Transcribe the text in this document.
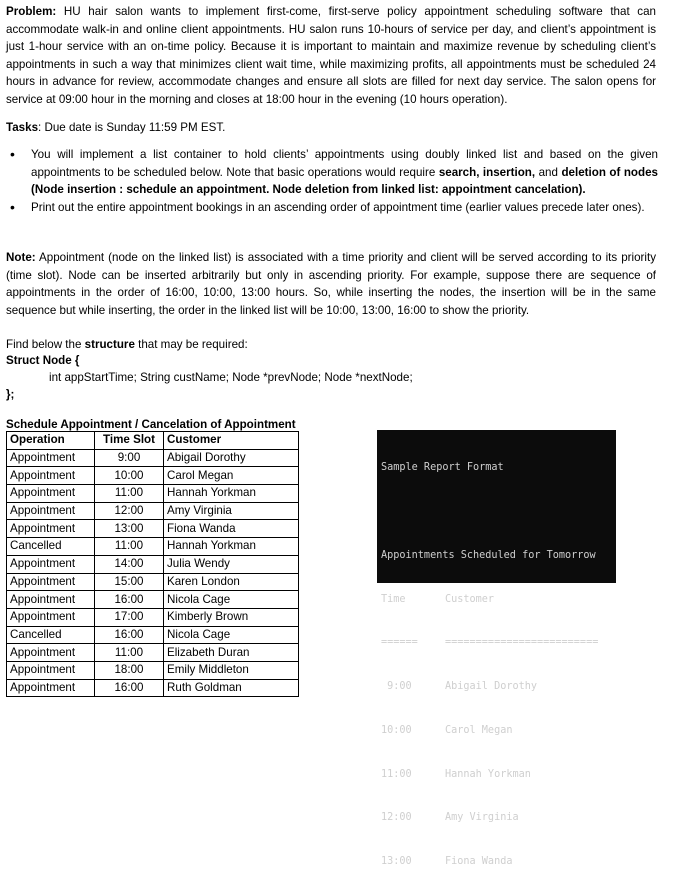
Problem: HU hair salon wants to implement first-come, first-serve policy appointment scheduling software that can accommodate walk-in and online client appointments. HU salon runs 10-hours of service per day, and client’s appointment is just 1-hour service with an on-time policy. Because it is important to maintain and maximize revenue by scheduling client’s appointments in such a way that minimizes client wait time, while maximizing profits, all appointments must be scheduled 24 hours in advance for review, accommodate changes and ensure all slots are filled for next day service. The salon opens for service at 09:00 hour in the morning and closes at 18:00 hour in the evening (10 hours operation).
Tasks: Due date is Sunday 11:59 PM EST.
• You will implement a list container to hold clients’ appointments using doubly linked list and based on the given appointments to be scheduled below. Note that basic operations would require search, insertion, and deletion of nodes (Node insertion : schedule an appointment. Node deletion from linked list: appointment cancelation).
• Print out the entire appointment bookings in an ascending order of appointment time (earlier values precede later ones).
Note: Appointment (node on the linked list) is associated with a time priority and client will be served according to its priority (time slot). Node can be inserted arbitrarily but only in ascending priority. For example, suppose there are sequence of appointments in the order of 16:00, 10:00, 13:00 hours. So, while inserting the nodes, the insertion will be in the same sequence but while inserting, the order in the linked list will be 10:00, 13:00, 16:00 to show the priority.
Find below the structure that may be required:
Struct Node {
int appStartTime; String custName; Node *prevNode; Node *nextNode;
};
Schedule Appointment / Cancelation of Appointment
Operation	Time Slot	Customer
Appointment	9:00	Abigail Dorothy
Appointment	10:00	Carol Megan
Appointment	11:00	Hannah Yorkman
Appointment	12:00	Amy Virginia
Appointment	13:00	Fiona Wanda
Cancelled	11:00	Hannah Yorkman
Appointment	14:00	Julia Wendy
Appointment	15:00	Karen London
Appointment	16:00	Nicola Cage
Appointment	17:00	Kimberly Brown
Cancelled	16:00	Nicola Cage
Appointment	11:00	Elizabeth Duran
Appointment	18:00	Emily Middleton
Appointment	16:00	Ruth Goldman

Sample Report Format

Appointments Scheduled for Tomorrow

Time	Customer

======	=========================

9:00	Abigail Dorothy

10:00	Carol Megan

11:00	Hannah Yorkman

12:00	Amy Virginia

13:00	Fiona Wanda
